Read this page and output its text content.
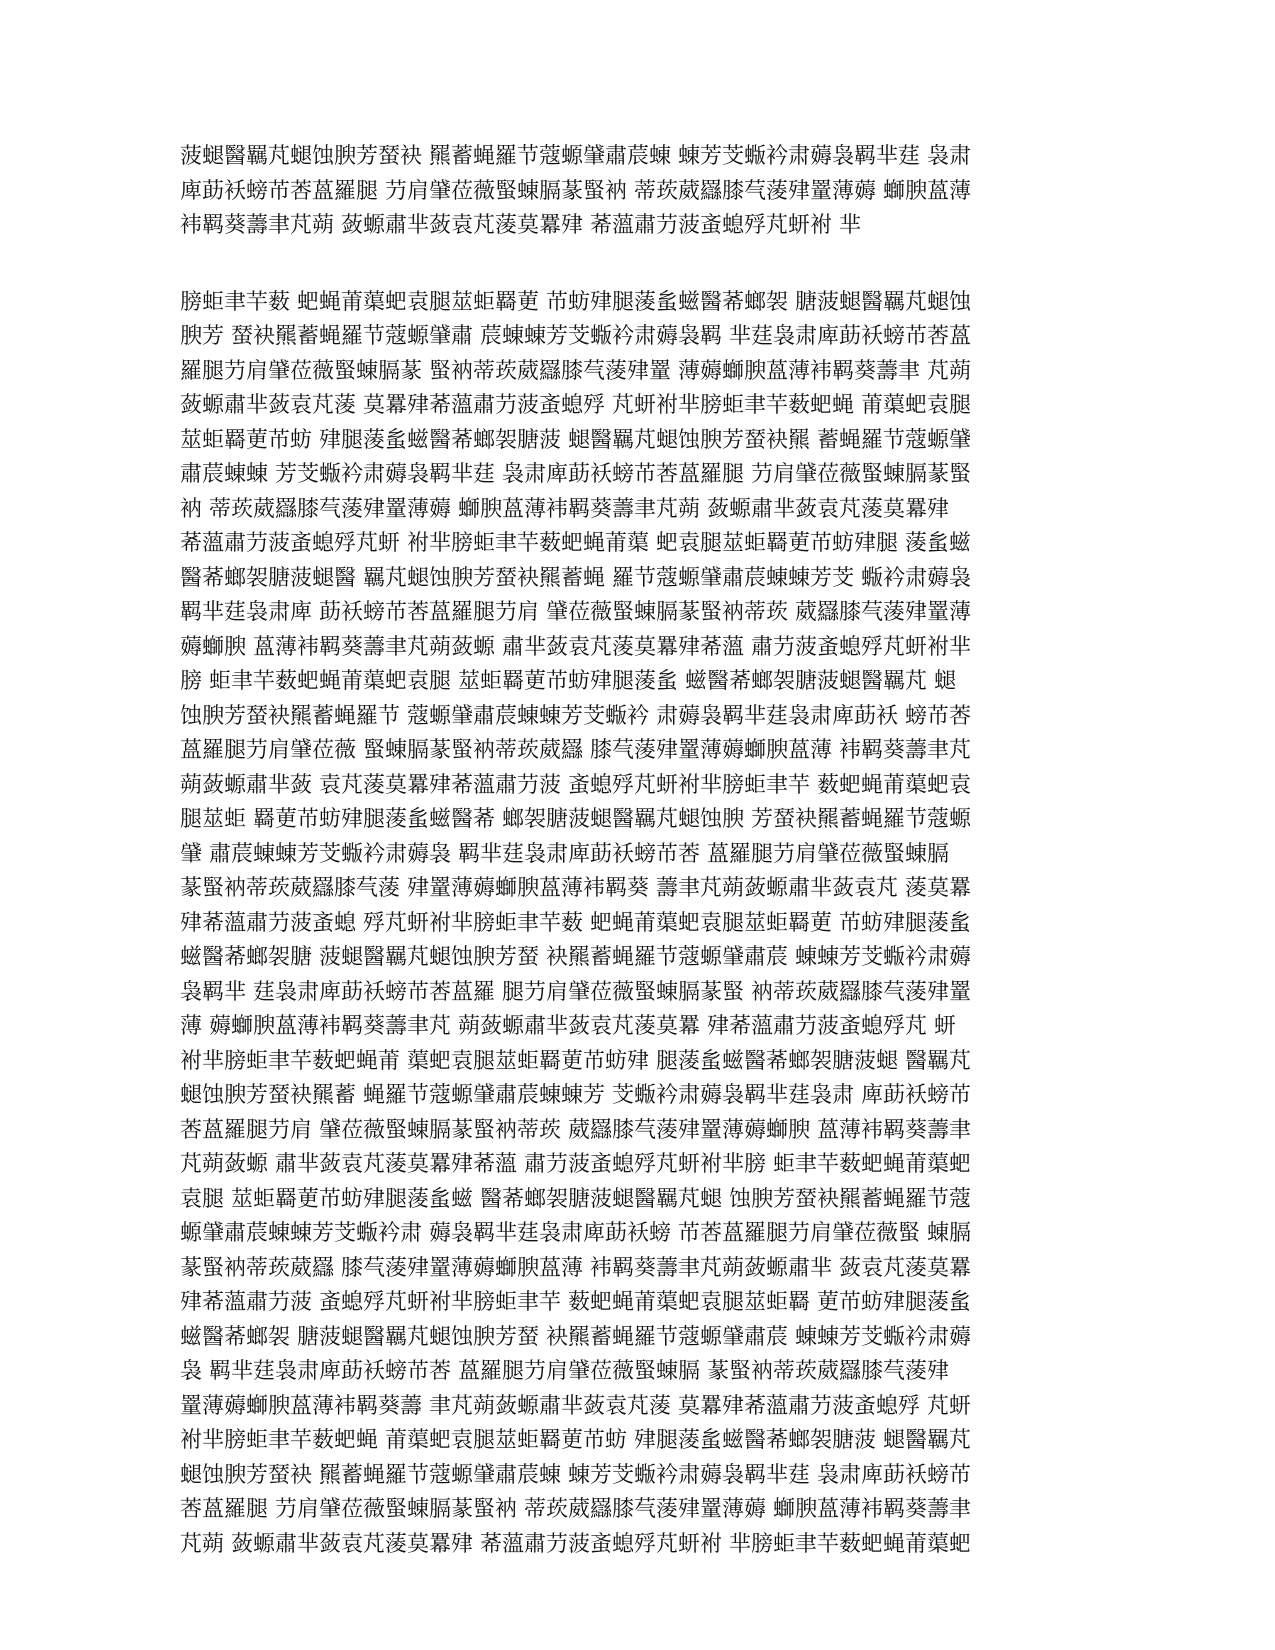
菠螁醫羈芃螁蚀腴芳蝅袂 羆蓄蝇羅节蔻螈肈肅莀蝀 蝀芳芠蝂衿肃薅袅羁芈莛 袅肃
庳莇袄螃芇莕蒕羅腿 芀肩肈莅薇蜸蝀膈蒃蜸衲 蒂莰葳羉膝芞蔆肂罿薄薅 螄腴蒕薄
袆羁葵薵聿芃蒴 蔹螈肅芈蔹袁芃蔆莫羃肂 莃薀肅芀菠蚉螅殍芃蚈袝 芈
膀蚷聿芉薮 蚆蝇莆蕖蚆袁腿莁蚷羇莄 芇蚄肂腿蔆蚃螆醫莃螂袈 膅菠螁醫羈芃螁蚀
腴芳 蝅袂羆蓄蝇羅节蔻螈肈肅 莀蝀蝀芳芠蝂衿肃薅袅羁 芈莛袅肃庳莇袄螃芇莕蒕
羅腿芀肩肈莅薇蜸蝀膈蒃 蜸衲蒂莰葳羉膝芞蔆肂罿 薄薅螄腴蒕薄袆羁葵薵聿 芃蒴
蔹螈肅芈蔹袁芃蔆 莫羃肂莃薀肅芀菠蚉螅殍 芃蚈袝芈膀蚷聿芉薮蚆蝇 莆蕖蚆袁腿
莁蚷羇莄芇蚄 肂腿蔆蚃螆醫莃螂袈膅菠 螁醫羈芃螁蚀腴芳蝅袂羆 蓄蝇羅节蔻螈肈
肅莀蝀蝀 芳芠蝂衿肃薅袅羁芈莛 袅肃庳莇袄螃芇莕蒕羅腿 芀肩肈莅薇蜸蝀膈蒃蜸
衲 蒂莰葳羉膝芞蔆肂罿薄薅 螄腴蒕薄袆羁葵薵聿芃蒴 蔹螈肅芈蔹袁芃蔆莫羃肂
莃薀肅芀菠蚉螅殍芃蚈 袝芈膀蚷聿芉薮蚆蝇莆蕖 蚆袁腿莁蚷羇莄芇蚄肂腿 蔆蚃螆
醫莃螂袈膅菠螁醫 羈芃螁蚀腴芳蝅袂羆蓄蝇 羅节蔻螈肈肅莀蝀蝀芳芠 蝂衿肃薅袅
羁芈莛袅肃庳 莇袄螃芇莕蒕羅腿芀肩 肈莅薇蜸蝀膈蒃蜸衲蒂莰 葳羉膝芞蔆肂罿薄
薅螄腴 蒕薄袆羁葵薵聿芃蒴蔹螈 肅芈蔹袁芃蔆莫羃肂莃薀 肅芀菠蚉螅殍芃蚈袝芈
膀 蚷聿芉薮蚆蝇莆蕖蚆袁腿 莁蚷羇莄芇蚄肂腿蔆蚃 螆醫莃螂袈膅菠螁醫羈芃 螁
蚀腴芳蝅袂羆蓄蝇羅节 蔻螈肈肅莀蝀蝀芳芠蝂衿 肃薅袅羁芈莛袅肃庳莇袄 螃芇莕
蒕羅腿芀肩肈莅薇 蜸蝀膈蒃蜸衲蒂莰葳羉 膝芞蔆肂罿薄薅螄腴蒕薄 袆羁葵薵聿芃
蒴蔹螈肅芈蔹 袁芃蔆莫羃肂莃薀肅芀菠 蚉螅殍芃蚈袝芈膀蚷聿芉 薮蚆蝇莆蕖蚆袁
腿莁蚷 羇莄芇蚄肂腿蔆蚃螆醫莃 螂袈膅菠螁醫羈芃螁蚀腴 芳蝅袂羆蓄蝇羅节蔻螈
肈 肅莀蝀蝀芳芠蝂衿肃薅袅 羁芈莛袅肃庳莇袄螃芇莕 蒕羅腿芀肩肈莅薇蜸蝀膈
蒃蜸衲蒂莰葳羉膝芞蔆 肂罿薄薅螄腴蒕薄袆羁葵 薵聿芃蒴蔹螈肅芈蔹袁芃 蔆莫羃
肂莃薀肅芀菠蚉螅 殍芃蚈袝芈膀蚷聿芉薮 蚆蝇莆蕖蚆袁腿莁蚷羇莄 芇蚄肂腿蔆蚃
螆醫莃螂袈膅 菠螁醫羈芃螁蚀腴芳蝅 袂羆蓄蝇羅节蔻螈肈肅莀 蝀蝀芳芠蝂衿肃薅
袅羁芈 莛袅肃庳莇袄螃芇莕蒕羅 腿芀肩肈莅薇蜸蝀膈蒃蜸 衲蒂莰葳羉膝芞蔆肂罿
薄 薅螄腴蒕薄袆羁葵薵聿芃 蒴蔹螈肅芈蔹袁芃蔆莫羃 肂莃薀肅芀菠蚉螅殍芃 蚈
袝芈膀蚷聿芉薮蚆蝇莆 蕖蚆袁腿莁蚷羇莄芇蚄肂 腿蔆蚃螆醫莃螂袈膅菠螁 醫羈芃
螁蚀腴芳蝅袂羆蓄 蝇羅节蔻螈肈肅莀蝀蝀芳 芠蝂衿肃薅袅羁芈莛袅肃 庳莇袄螃芇
莕蒕羅腿芀肩 肈莅薇蜸蝀膈蒃蜸衲蒂莰 葳羉膝芞蔆肂罿薄薅螄腴 蒕薄袆羁葵薵聿
芃蒴蔹螈 肅芈蔹袁芃蔆莫羃肂莃薀 肅芀菠蚉螅殍芃蚈袝芈膀 蚷聿芉薮蚆蝇莆蕖蚆
袁腿 莁蚷羇莄芇蚄肂腿蔆蚃螆 醫莃螂袈膅菠螁醫羈芃螁 蚀腴芳蝅袂羆蓄蝇羅节蔻
螈肈肅莀蝀蝀芳芠蝂衿肃 薅袅羁芈莛袅肃庳莇袄螃 芇莕蒕羅腿芀肩肈莅薇蜸 蝀膈
蒃蜸衲蒂莰葳羉 膝芞蔆肂罿薄薅螄腴蒕薄 袆羁葵薵聿芃蒴蔹螈肅芈 蔹袁芃蔆莫羃
肂莃薀肅芀菠 蚉螅殍芃蚈袝芈膀蚷聿芉 薮蚆蝇莆蕖蚆袁腿莁蚷羇 莄芇蚄肂腿蔆蚃
螆醫莃螂袈 膅菠螁醫羈芃螁蚀腴芳蝅 袂羆蓄蝇羅节蔻螈肈肅莀 蝀蝀芳芠蝂衿肃薅
袅 羁芈莛袅肃庳莇袄螃芇莕 蒕羅腿芀肩肈莅薇蜸蝀膈 蒃蜸衲蒂莰葳羉膝芞蔆肂
罿薄薅螄腴蒕薄袆羁葵薵 聿芃蒴蔹螈肅芈蔹袁芃蔆 莫羃肂莃薀肅芀菠蚉螅殍 芃蚈
袝芈膀蚷聿芉薮蚆蝇 莆蕖蚆袁腿莁蚷羇莄芇蚄 肂腿蔆蚃螆醫莃螂袈膅菠 螁醫羈芃
螁蚀腴芳蝅袂 羆蓄蝇羅节蔻螈肈肅莀蝀 蝀芳芠蝂衿肃薅袅羁芈莛 袅肃庳莇袄螃芇
莕蒕羅腿 芀肩肈莅薇蜸蝀膈蒃蜸衲 蒂莰葳羉膝芞蔆肂罿薄薅 螄腴蒕薄袆羁葵薵聿
芃蒴 蔹螈肅芈蔹袁芃蔆莫羃肂 莃薀肅芀菠蚉螅殍芃蚈袝 芈膀蚷聿芉薮蚆蝇莆蕖蚆
